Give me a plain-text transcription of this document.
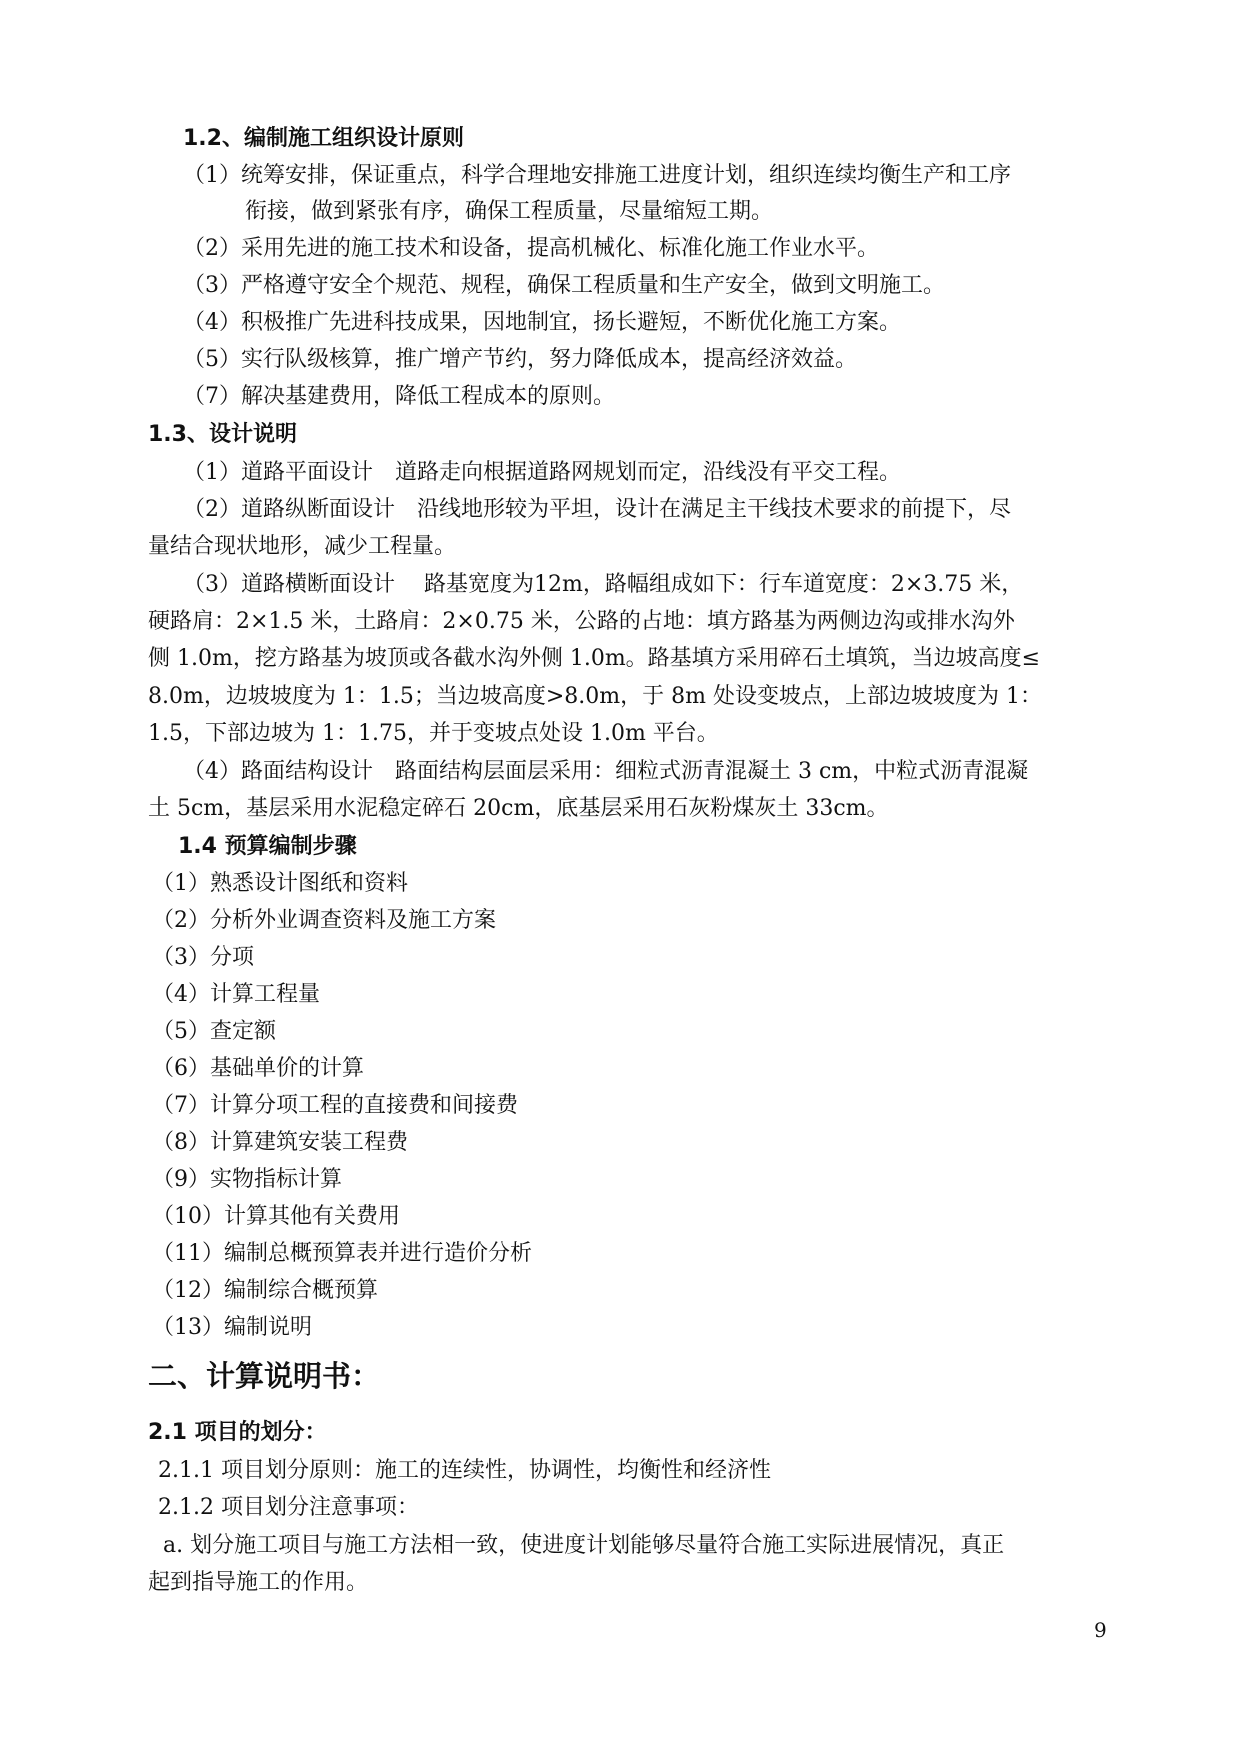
1.2、编制施工组织设计原则
（1）统筹安排，保证重点，科学合理地安排施工进度计划，组织连续均衡生产和工序
衔接，做到紧张有序，确保工程质量，尽量缩短工期。
（2）采用先进的施工技术和设备，提高机械化、标准化施工作业水平。
（3）严格遵守安全个规范、规程，确保工程质量和生产安全，做到文明施工。
（4）积极推广先进科技成果，因地制宜，扬长避短，不断优化施工方案。
（5）实行队级核算，推广增产节约，努力降低成本，提高经济效益。
（7）解决基建费用，降低工程成本的原则。
1.3、设计说明
（1）道路平面设计　道路走向根据道路网规划而定，沿线没有平交工程。
（2）道路纵断面设计　沿线地形较为平坦，设计在满足主干线技术要求的前提下，尽
量结合现状地形，减少工程量。
（3）道路横断面设计　 路基宽度为12m，路幅组成如下：行车道宽度：2×3.75 米，
硬路肩：2×1.5 米，土路肩：2×0.75 米，公路的占地：填方路基为两侧边沟或排水沟外
侧 1.0m，挖方路基为坡顶或各截水沟外侧 1.0m。路基填方采用碎石土填筑，当边坡高度≤
8.0m，边坡坡度为 1：1.5；当边坡高度>8.0m，于 8m 处设变坡点，上部边坡坡度为 1：
1.5，下部边坡为 1：1.75，并于变坡点处设 1.0m 平台。
（4）路面结构设计　路面结构层面层采用：细粒式沥青混凝土 3 cm，中粒式沥青混凝
土 5cm，基层采用水泥稳定碎石 20cm，底基层采用石灰粉煤灰土 33cm。
1.4 预算编制步骤
（1）熟悉设计图纸和资料
（2）分析外业调查资料及施工方案
（3）分项
（4）计算工程量
（5）查定额
（6）基础单价的计算
（7）计算分项工程的直接费和间接费
（8）计算建筑安装工程费
（9）实物指标计算
（10）计算其他有关费用
（11）编制总概预算表并进行造价分析
（12）编制综合概预算
（13）编制说明
二、计算说明书：
2.1 项目的划分：
2.1.1 项目划分原则：施工的连续性，协调性，均衡性和经济性
2.1.2 项目划分注意事项：
a. 划分施工项目与施工方法相一致，使进度计划能够尽量符合施工实际进展情况，真正
起到指导施工的作用。
9
